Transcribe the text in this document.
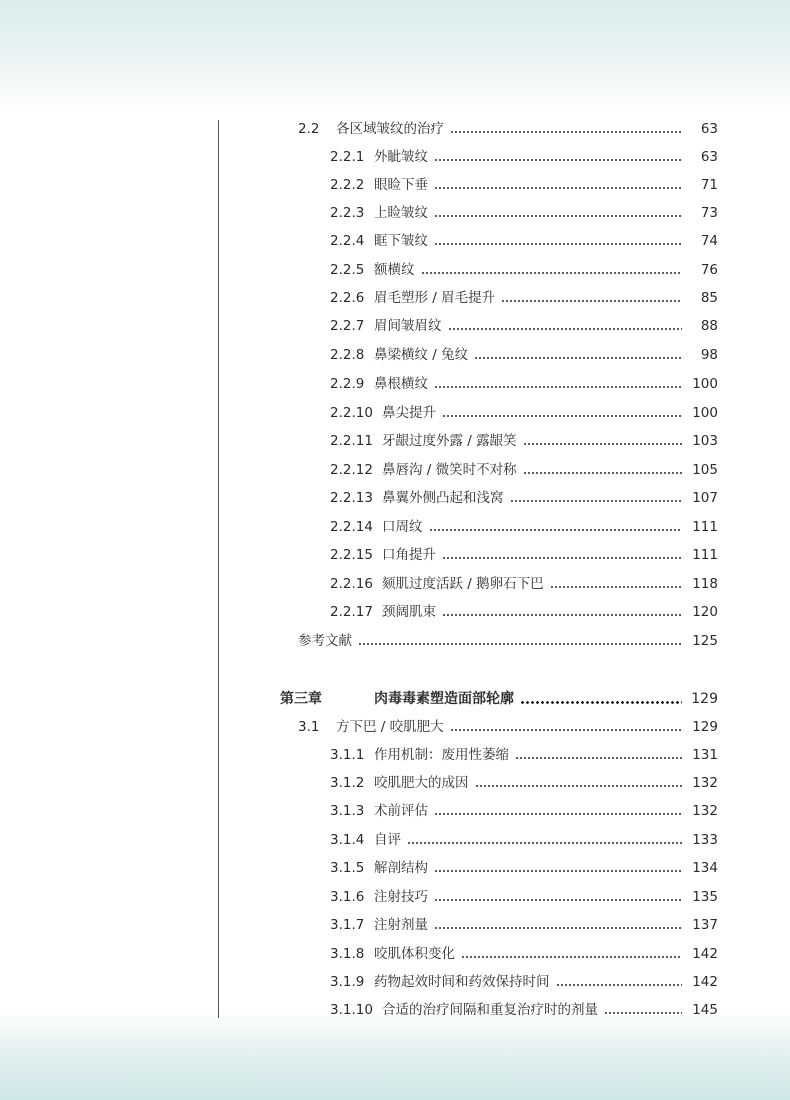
2.2	各区域皱纹的治疗	63
2.2.1 外眦皱纹	63
2.2.2 眼睑下垂	71
2.2.3 上睑皱纹	73
2.2.4 眶下皱纹	74
2.2.5 额横纹	76
2.2.6 眉毛塑形 / 眉毛提升	85
2.2.7 眉间皱眉纹	88
2.2.8 鼻梁横纹 / 兔纹	98
2.2.9 鼻根横纹	100
2.2.10 鼻尖提升	100
2.2.11 牙龈过度外露 / 露龈笑	103
2.2.12 鼻唇沟 / 微笑时不对称	105
2.2.13 鼻翼外侧凸起和浅窝	107
2.2.14 口周纹	111
2.2.15 口角提升	111
2.2.16 颏肌过度活跃 / 鹅卵石下巴	118
2.2.17 颈阔肌束	120
参考文献	125
第三章	肉毒毒素塑造面部轮廓	129
3.1	方下巴 / 咬肌肥大	129
3.1.1 作用机制：废用性萎缩	131
3.1.2 咬肌肥大的成因	132
3.1.3 术前评估	132
3.1.4 自评	133
3.1.5 解剖结构	134
3.1.6 注射技巧	135
3.1.7 注射剂量	137
3.1.8 咬肌体积变化	142
3.1.9 药物起效时间和药效保持时间	142
3.1.10 合适的治疗间隔和重复治疗时的剂量	145
